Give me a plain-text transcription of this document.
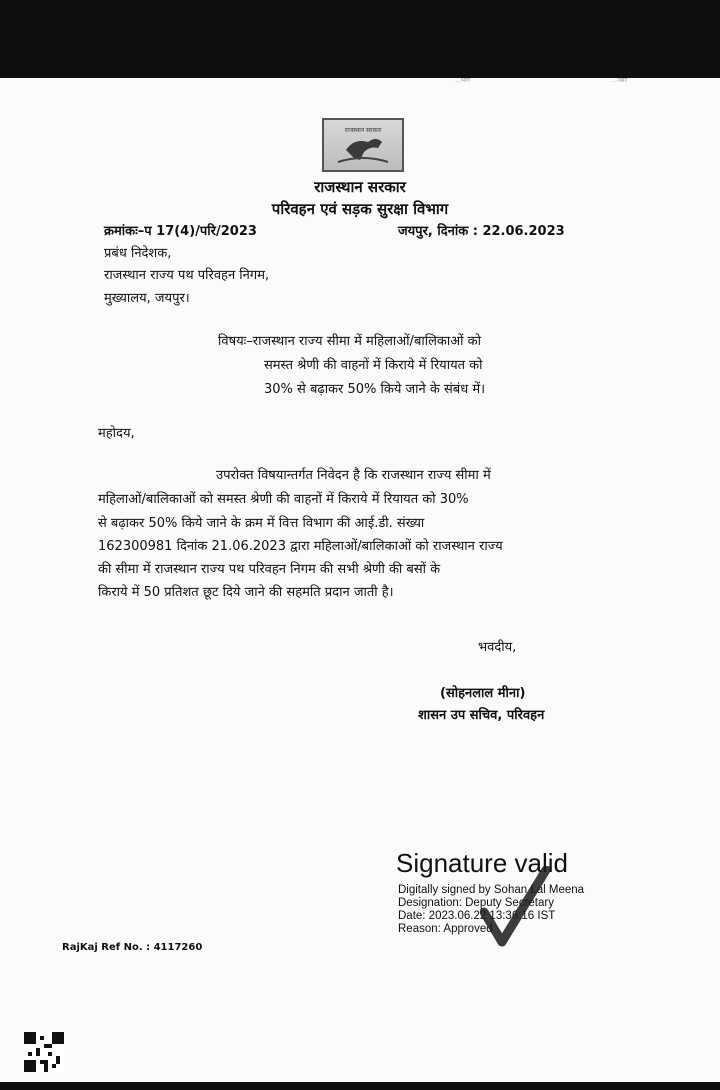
...भाग	...नंबर
राजस्थान सरकार
राजस्थान सरकार
परिवहन एवं सड़क सुरक्षा विभाग
क्रमांकः–प 17(4)/परि/2023	जयपुर, दिनांक : 22.06.2023
प्रबंध निदेशक,
राजस्थान राज्य पथ परिवहन निगम,
मुख्यालय, जयपुर।
विषयः–राजस्थान राज्य सीमा में महिलाओं/बालिकाओं को
समस्त श्रेणी की वाहनों में किराये में रियायत को
30% से बढ़ाकर 50% किये जाने के संबंध में।
महोदय,
उपरोक्त विषयान्तर्गत निवेदन है कि राजस्थान राज्य सीमा में
महिलाओं/बालिकाओं को समस्त श्रेणी की वाहनों में किराये में रियायत को 30%
से बढ़ाकर 50% किये जाने के क्रम में वित्त विभाग की आई.डी. संख्या
162300981 दिनांक 21.06.2023 द्वारा महिलाओं/बालिकाओं को राजस्थान राज्य
की सीमा में राजस्थान राज्य पथ परिवहन निगम की सभी श्रेणी की बसों के
किराये में 50 प्रतिशत छूट दिये जाने की सहमति प्रदान जाती है।
भवदीय,
(सोहनलाल मीना)
शासन उप सचिव, परिवहन
Signature valid
Digitally signed by Sohan Lal Meena
Designation: Deputy Secretary
Date: 2023.06.22 13:36:16 IST
Reason: Approved
RajKaj Ref No. : 4117260
